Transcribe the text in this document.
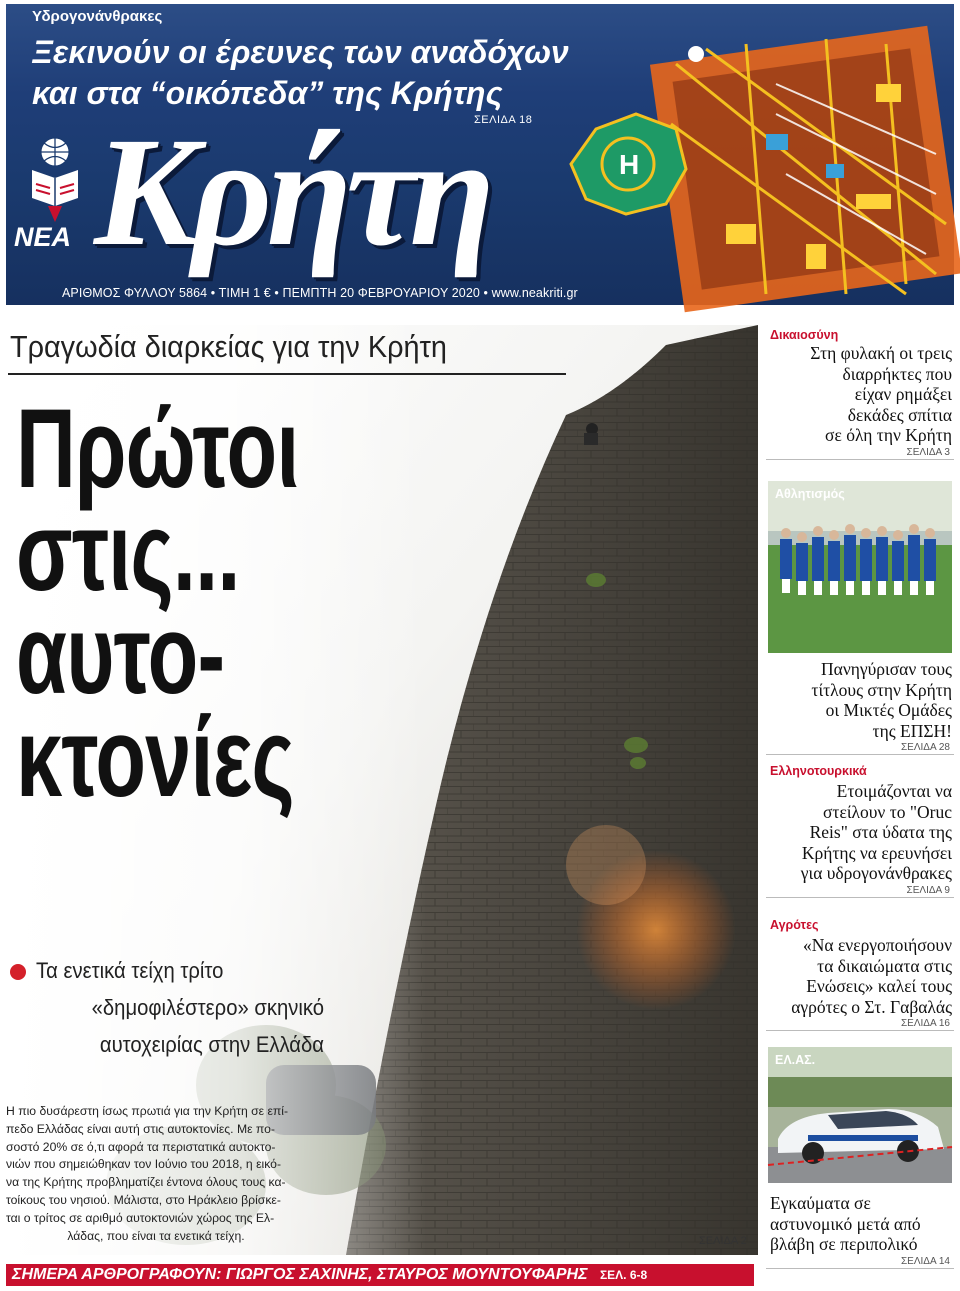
Υδρογονάνθρακες
Ξεκινούν οι έρευνες των αναδόχων
και στα “οικόπεδα” της Κρήτης
ΣΕΛΙΔΑ 18
H
ΝΕΑ Κρήτη
ΑΡΙΘΜΟΣ ΦΥΛΛΟΥ 5864 • ΤΙΜΗ 1 € • ΠΕΜΠΤΗ 20 ΦΕΒΡΟΥΑΡΙΟΥ 2020 • www.neakriti.gr
Τραγωδία διαρκείας για την Κρήτη
Πρώτοι
στις...
αυτο-
κτονίες
Τα ενετικά τείχη τρίτο
«δημοφιλέστερο» σκηνικό
αυτοχειρίας στην Ελλάδα
Η πιο δυσάρεστη ίσως πρωτιά για την Κρήτη σε επί-
πεδο Ελλάδας είναι αυτή στις αυτοκτονίες. Με πο-
σοστό 20% σε ό,τι αφορά τα περιστατικά αυτοκτο-
νιών που σημειώθηκαν τον Ιούνιο του 2018, η εικό-
να της Κρήτης προβληματίζει έντονα όλους τους κα-
τοίκους του νησιού. Μάλιστα, στο Ηράκλειο βρίσκε-
ται ο τρίτος σε αριθμό αυτοκτονιών χώρος της Ελ-
λάδας, που είναι τα ενετικά τείχη.	ΣΕΛΙΔΑ 2
Δικαιοσύνη
Στη φυλακή οι τρεις
διαρρήκτες που
είχαν ρημάξει
δεκάδες σπίτια
σε όλη την Κρήτη
ΣΕΛΙΔΑ 3
Αθλητισμός
Πανηγύρισαν τους
τίτλους στην Κρήτη
οι Μικτές Ομάδες
της ΕΠΣΗ!
ΣΕΛΙΔΑ 28
Ελληνοτουρκικά
Ετοιμάζονται να
στείλουν το "Oruc
Reis" στα ύδατα της
Κρήτης να ερευνήσει
για υδρογονάνθρακες
ΣΕΛΙΔΑ 9
Αγρότες
«Να ενεργοποιήσουν
τα δικαιώματα στις
Ενώσεις» καλεί τους
αγρότες ο Στ. Γαβαλάς
ΣΕΛΙΔΑ 16
ΕΛ.ΑΣ.
Εγκαύματα σε
αστυνομικό μετά από
βλάβη σε περιπολικό
ΣΕΛΙΔΑ 14
ΣΗΜΕΡΑ ΑΡΘΡΟΓΡΑΦΟΥΝ: ΓΙΩΡΓΟΣ ΣΑΧΙΝΗΣ, ΣΤΑΥΡΟΣ ΜΟΥΝΤΟΥΦΑΡΗΣ ΣΕΛ. 6-8
